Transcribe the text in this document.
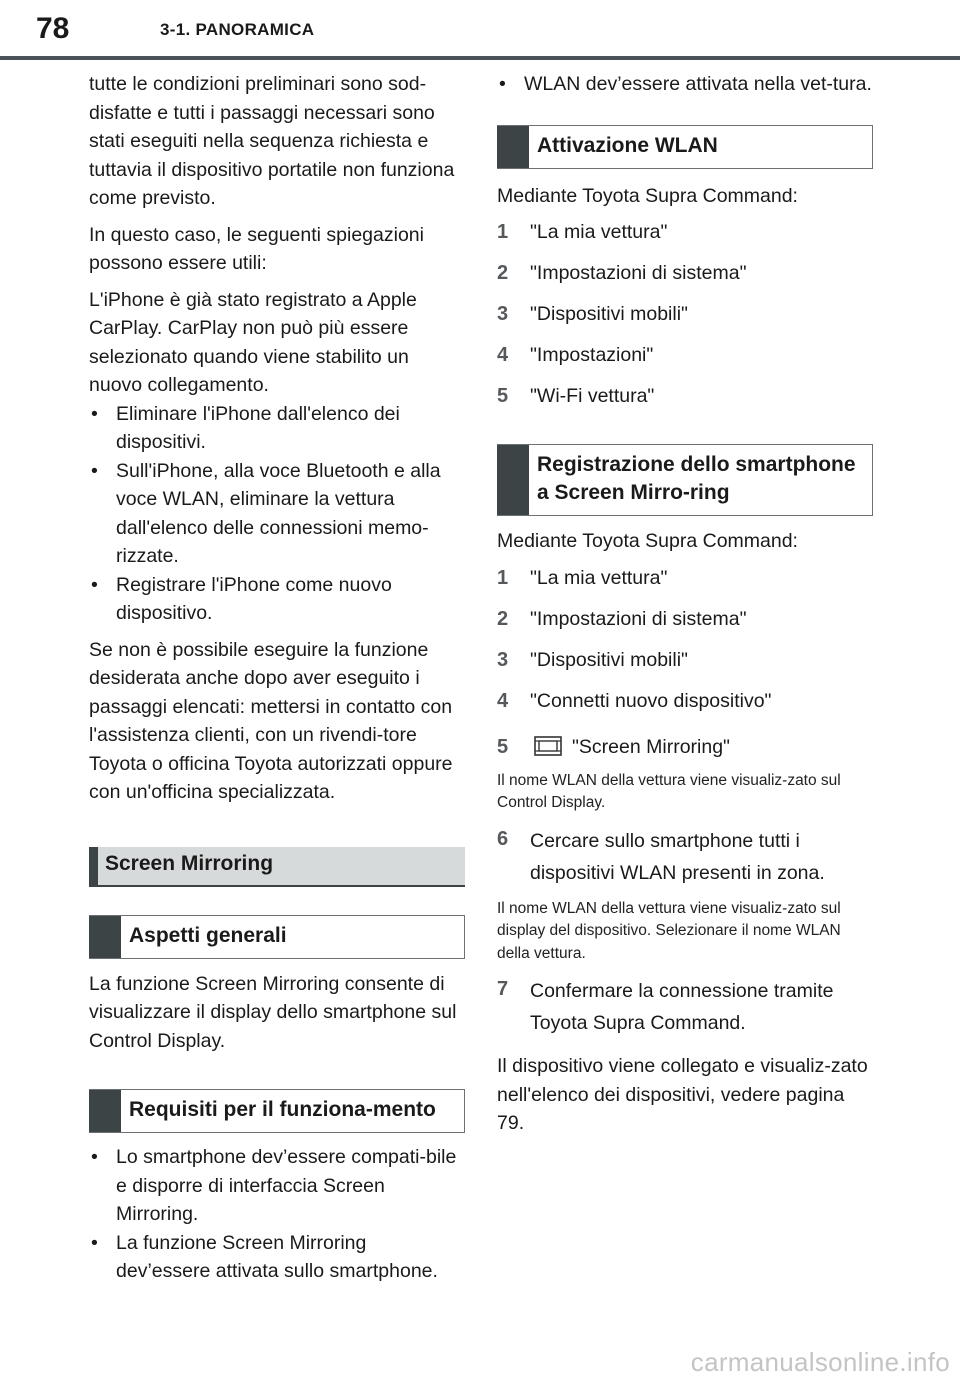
78	3-1. PANORAMICA

tutte le condizioni preliminari sono sod-disfatte e tutti i passaggi necessari sono stati eseguiti nella sequenza richiesta e tuttavia il dispositivo portatile non funziona come previsto.

In questo caso, le seguenti spiegazioni possono essere utili:

L'iPhone è già stato registrato a Apple CarPlay. CarPlay non può più essere selezionato quando viene stabilito un nuovo collegamento.

• Eliminare l'iPhone dall'elenco dei dispositivi.
• Sull'iPhone, alla voce Bluetooth e alla voce WLAN, eliminare la vettura dall'elenco delle connessioni memo-rizzate.
• Registrare l'iPhone come nuovo dispositivo.

Se non è possibile eseguire la funzione desiderata anche dopo aver eseguito i passaggi elencati: mettersi in contatto con l'assistenza clienti, con un rivendi-tore Toyota o officina Toyota autorizzati oppure con un'officina specializzata.

Screen Mirroring
Aspetti generali

La funzione Screen Mirroring consente di visualizzare il display dello smartphone sul Control Display.

Requisiti per il funziona-mento
• Lo smartphone dev’essere compati-bile e disporre di interfaccia Screen Mirroring.
• La funzione Screen Mirroring dev’essere attivata sullo smartphone.
• WLAN dev’essere attivata nella vet-tura.
Attivazione WLAN

Mediante Toyota Supra Command:

1	"La mia vettura"
2	"Impostazioni di sistema"
3	"Dispositivi mobili"
4	"Impostazioni"
5	"Wi-Fi vettura"
Registrazione dello smartphone a Screen Mirro-ring

Mediante Toyota Supra Command:

1	"La mia vettura"
2	"Impostazioni di sistema"
3	"Dispositivi mobili"
4	"Connetti nuovo dispositivo"
5	"Screen Mirroring"

Il nome WLAN della vettura viene visualiz-zato sul Control Display.

6	Cercare sullo smartphone tutti i dispositivi WLAN presenti in zona.

Il nome WLAN della vettura viene visualiz-zato sul display del dispositivo. Selezionare il nome WLAN della vettura.

7	Confermare la connessione tramite Toyota Supra Command.

Il dispositivo viene collegato e visualiz-zato nell'elenco dei dispositivi, vedere pagina 79.

carmanualsonline.info
